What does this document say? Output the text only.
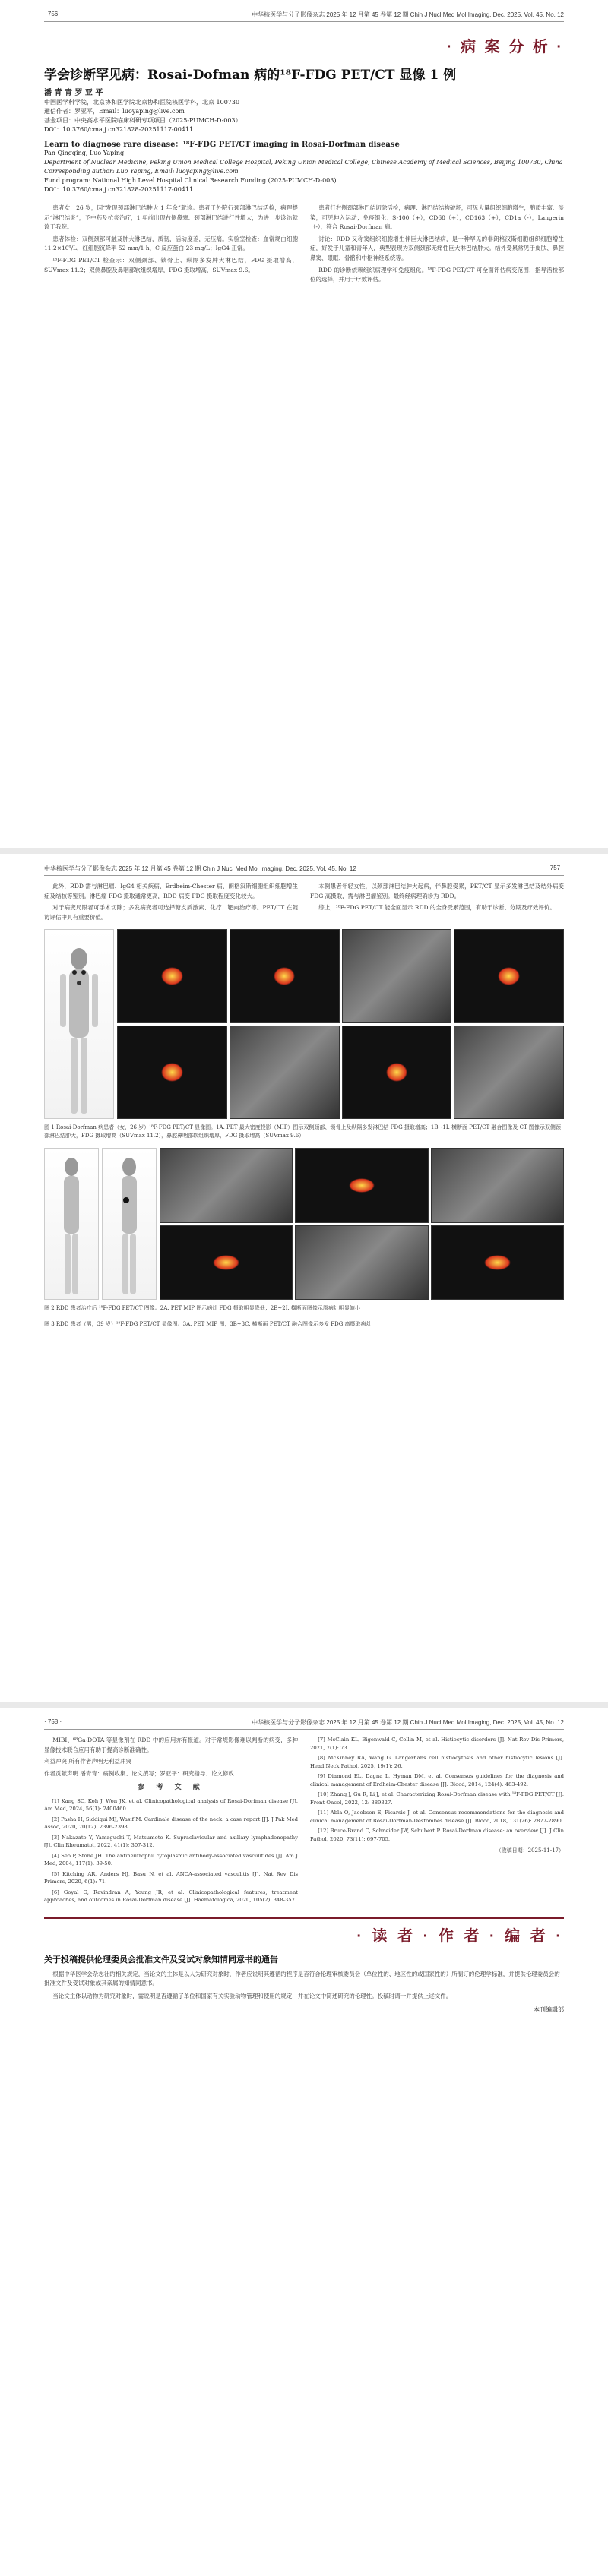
· 756 ·	中华核医学与分子影像杂志 2025 年 12 月第 45 卷第 12 期 Chin J Nucl Med Mol Imaging, Dec. 2025, Vol. 45, No. 12
· 病 案 分 析 ·
学会诊断罕见病：Rosai-Dofman 病的¹⁸F-FDG PET/CT 显像 1 例
潘 青 青 罗 亚 平
中国医学科学院，北京协和医学院北京协和医院核医学科，北京 100730
通信作者：罗亚平，Email：luoyaping@live.com
基金项目：中央高水平医院临床科研专项项目（2025-PUMCH-D-003）
DOI：10.3760/cma.j.cn321828-20251117-00411
Learn to diagnose rare disease：¹⁸F-FDG PET/CT imaging in Rosai-Dorfman disease
Pan Qingqing, Luo Yaping
Department of Nuclear Medicine, Peking Union Medical College Hospital, Peking Union Medical College, Chinese Academy of Medical Sciences, Beijing 100730, China
Corresponding author: Luo Yaping, Email: luoyaping@live.com
Fund program: National High Level Hospital Clinical Research Funding (2025-PUMCH-D-003)
DOI：10.3760/cma.j.cn321828-20251117-00411

患者女，26 岁，因“发现颈部淋巴结肿大 1 年余”就诊。患者于外院行颈部淋巴结活检，病理提示“淋巴结炎”，予中药及抗炎治疗，1 年前出现右侧鼻塞、颈部淋巴结进行性增大，为进一步诊治就诊于我院。

患者体检：双侧颈部可触及肿大淋巴结，质韧，活动度差，无压痛。实验室检查：血常规白细胞 11.2×10⁹/L，红细胞沉降率 52 mm/1 h，C 反应蛋白 23 mg/L；IgG4 正常。

¹⁸F-FDG PET/CT 检查示：双侧颈部、锁骨上、纵隔多发肿大淋巴结，FDG 摄取增高，SUVmax 11.2；双侧鼻腔及鼻咽部软组织增厚，FDG 摄取增高，SUVmax 9.6。

患者行右侧颈部淋巴结切除活检，病理：淋巴结结构破坏，可见大量组织细胞增生，胞质丰富、淡染，可见伸入运动；免疫组化：S-100（+），CD68（+），CD163（+），CD1a（-），Langerin（-），符合 Rosai-Dorfman 病。

讨论：RDD 又称窦组织细胞增生伴巨大淋巴结病，是一种罕见的非朗格汉斯细胞组织细胞增生症，好发于儿童和青年人，典型表现为双侧颈部无痛性巨大淋巴结肿大。结外受累常见于皮肤、鼻腔鼻窦、眼眶、骨骼和中枢神经系统等。

RDD 的诊断依赖组织病理学和免疫组化。¹⁸F-FDG PET/CT 可全面评估病变范围，指导活检部位的选择，并用于疗效评估。

中华核医学与分子影像杂志 2025 年 12 月第 45 卷第 12 期 Chin J Nucl Med Mol Imaging, Dec. 2025, Vol. 45, No. 12	· 757 ·

此外，RDD 需与淋巴瘤、IgG4 相关疾病、Erdheim-Chester 病、朗格汉斯细胞组织细胞增生症及结核等鉴别。淋巴瘤 FDG 摄取通常更高，RDD 病变 FDG 摄取程度变化较大。

对于病变局限者可手术切除；多发病变者可选择糖皮质激素、化疗、靶向治疗等。PET/CT 在随访评估中具有重要价值。

本例患者年轻女性，以颈部淋巴结肿大起病，伴鼻腔受累，PET/CT 显示多发淋巴结及结外病变 FDG 高摄取，需与淋巴瘤鉴别。最终经病理确诊为 RDD。

综上，¹⁸F-FDG PET/CT 能全面显示 RDD 的全身受累范围，有助于诊断、分期及疗效评价。

图 1 Rosai-Dorfman 病患者（女，26 岁）¹⁸F-FDG PET/CT 显像图。1A. PET 最大密度投影（MIP）图示双侧颈部、锁骨上及纵隔多发淋巴结 FDG 摄取增高；1B~1I. 横断面 PET/CT 融合图像及 CT 图像示双侧颈部淋巴结肿大，FDG 摄取增高（SUVmax 11.2），鼻腔鼻咽部软组织增厚，FDG 摄取增高（SUVmax 9.6）
图 2 RDD 患者治疗后 ¹⁸F-FDG PET/CT 图像。2A. PET MIP 图示病灶 FDG 摄取明显降低；2B~2I. 横断面图像示原病灶明显缩小
图 3 RDD 患者（男，39 岁）¹⁸F-FDG PET/CT 显像图。3A. PET MIP 图；3B~3C. 横断面 PET/CT 融合图像示多发 FDG 高摄取病灶
· 758 ·	中华核医学与分子影像杂志 2025 年 12 月第 45 卷第 12 期 Chin J Nucl Med Mol Imaging, Dec. 2025, Vol. 45, No. 12

MIBI、⁶⁸Ga-DOTA 等显像剂在 RDD 中的应用亦有报道。对于常规影像难以判断的病变，多种显像技术联合应用有助于提高诊断准确性。

利益冲突 所有作者声明无利益冲突

作者贡献声明 潘青青：病例收集、论文撰写；罗亚平：研究指导、论文修改

参 考 文 献

[1] Kang SC, Koh J, Won JK, et al. Clinicopathological analysis of Rosai-Dorfman disease [J]. Am Med, 2024, 56(1): 2400460.

[2] Pasha H, Siddiqui MJ, Wasif M. Cardinale disease of the neck: a case report [J]. J Pak Med Assoc, 2020, 70(12): 2396-2398.

[3] Nakazato Y, Yamaguchi T, Matsumoto K. Supraclavicular and axillary lymphadenopathy [J]. Clin Rheumatol, 2022, 41(1): 307-312.

[4] Seo P, Stone JH. The antineutrophil cytoplasmic antibody-associated vasculitides [J]. Am J Med, 2004, 117(1): 39-50.

[5] Kitching AR, Anders HJ, Basu N, et al. ANCA-associated vasculitis [J]. Nat Rev Dis Primers, 2020, 6(1): 71.

[6] Goyal G, Ravindran A, Young JR, et al. Clinicopathological features, treatment approaches, and outcomes in Rosai-Dorfman disease [J]. Haematologica, 2020, 105(2): 348-357.

[7] McClain KL, Bigenwald C, Collin M, et al. Histiocytic disorders [J]. Nat Rev Dis Primers, 2021, 7(1): 73.

[8] McKinney RA, Wang G. Langerhans cell histiocytosis and other histiocytic lesions [J]. Head Neck Pathol, 2025, 19(1): 26.

[9] Diamond EL, Dagna L, Hyman DM, et al. Consensus guidelines for the diagnosis and clinical management of Erdheim-Chester disease [J]. Blood, 2014, 124(4): 483-492.

[10] Zhang J, Gu R, Li J, et al. Characterizing Rosai-Dorfman disease with ¹⁸F-FDG PET/CT [J]. Front Oncol, 2022, 12: 889327.

[11] Abla O, Jacobsen E, Picarsic J, et al. Consensus recommendations for the diagnosis and clinical management of Rosai-Dorfman-Destombes disease [J]. Blood, 2018, 131(26): 2877-2890.

[12] Bruce-Brand C, Schneider JW, Schubert P. Rosai-Dorfman disease: an overview [J]. J Clin Pathol, 2020, 73(11): 697-705.

（收稿日期：2025-11-17）
· 读 者 · 作 者 · 编 者 ·
关于投稿提供伦理委员会批准文件及受试对象知情同意书的通告

根据中华医学会杂志社的相关规定，当论文的主体是以人为研究对象时，作者应说明其遵循的程序是否符合伦理审核委员会（单位性的、地区性的或国家性的）所制订的伦理学标准，并提供伦理委员会的批准文件及受试对象或其亲属的知情同意书。

当论文主体以动物为研究对象时，需说明是否遵循了单位和国家有关实验动物管理和使用的规定，并在论文中简述研究的伦理性。投稿时请一并提供上述文件。

本刊编辑部
